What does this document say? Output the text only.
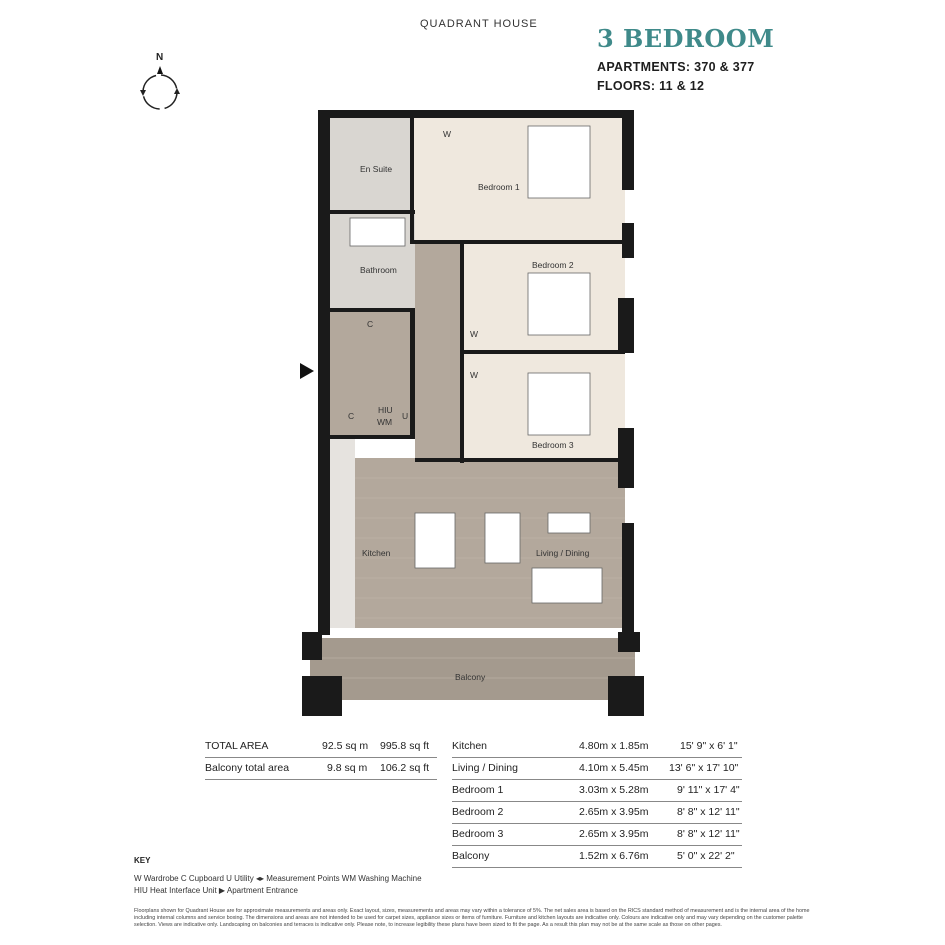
QUADRANT HOUSE 3 BEDROOM
APARTMENTS: 370 & 377
FLOORS: 11 & 12
N
En Suite
Bedroom 1
Bathroom	Bedroom 2
Bedroom 3
Kitchen	Living / Dining
Balcony
W
W
W
C
C	U
HIU
WM
TOTAL AREA	92.5 sq m 995.8 sq ft
Balcony total area	9.8 sq m 106.2 sq ft
Kitchen	4.80m x 1.85m	15' 9" x 6' 1"
Living / Dining	4.10m x 5.45m 13' 6" x 17' 10"
Bedroom 1	3.03m x 5.28m	9' 11" x 17' 4"
Bedroom 2	2.65m x 3.95m	8' 8" x 12' 11"
Bedroom 3	2.65m x 3.95m	8' 8" x 12' 11"
Balcony	1.52m x 6.76m	5' 0" x 22' 2"
KEY
W Wardrobe C Cupboard U Utility ◂▸ Measurement Points WM Washing Machine
HIU Heat Interface Unit ▶ Apartment Entrance
Floorplans shown for Quadrant House are for approximate measurements and areas only. Exact layout, sizes, measurements and areas may vary within a tolerance of 5%. The net sales area is based on the RICS standard method of measurement and is the internal area of the home including internal columns and service boxing. The dimensions and areas are not intended to be used for carpet sizes, appliance sizes or items of furniture. Furniture and kitchen layouts are indicative only. Colours are indicative only and may vary depending on the customer palette selection. Views are indicative only. Landscaping on balconies and terraces is indicative only. Please note, to increase legibility these plans have been sized to fit the page. As a result this plan may not be at the same scale as those on other pages.
